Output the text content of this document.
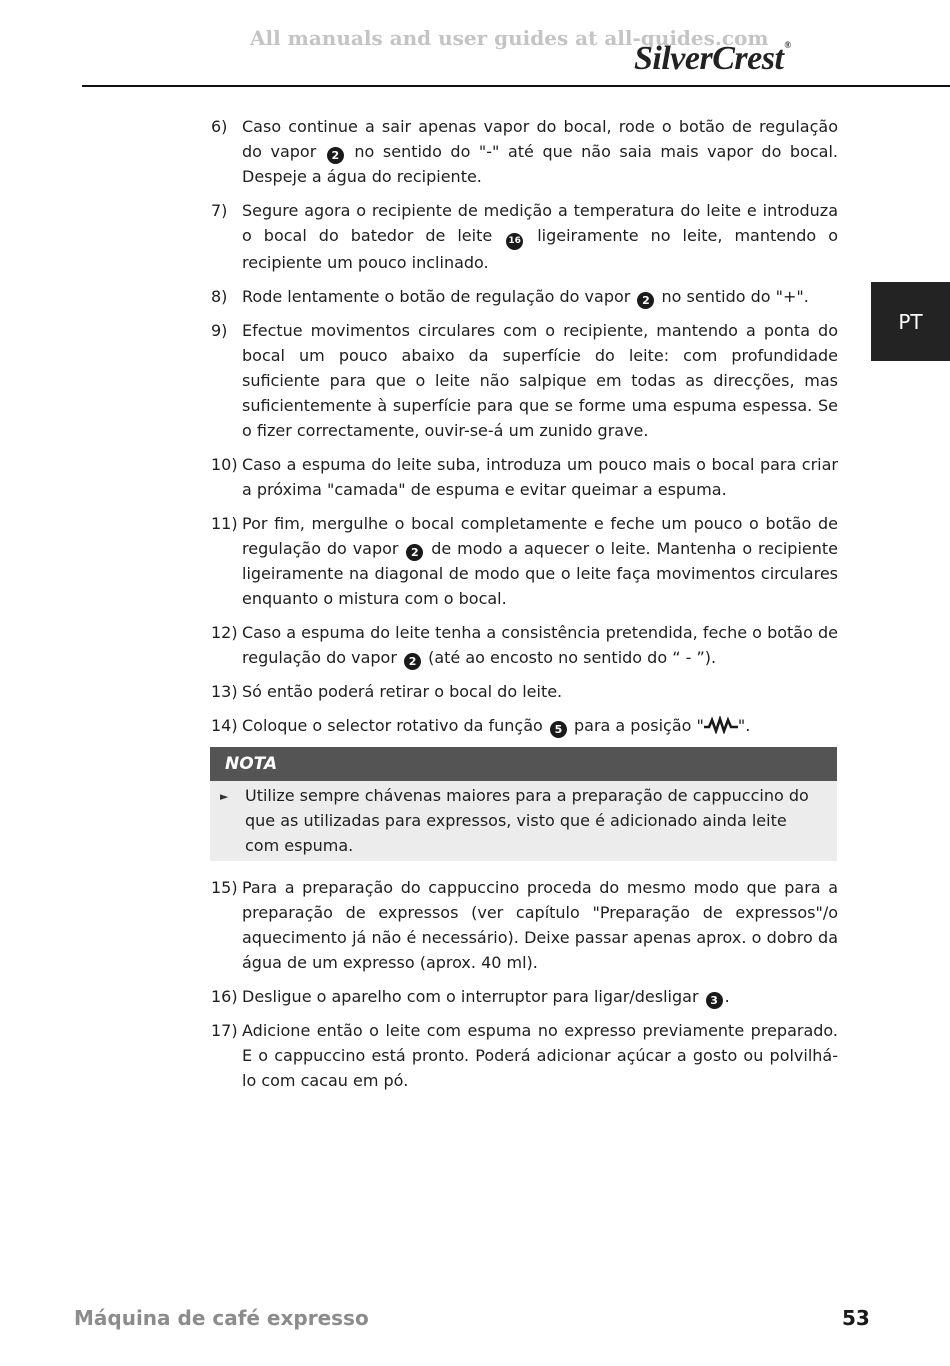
All manuals and user guides at all-guides.com
SilverCrest®
PT
6) Caso continue a sair apenas vapor do bocal, rode o botão de regulação do vapor 2 no sentido do "-" até que não saia mais vapor do bocal. Despeje a água do recipiente.
7) Segure agora o recipiente de medição a temperatura do leite e introduza o bocal do batedor de leite 16 ligeiramente no leite, mantendo o recipiente um pouco inclinado.
8) Rode lentamente o botão de regulação do vapor 2 no sentido do "+".
9) Efectue movimentos circulares com o recipiente, mantendo a ponta do bocal um pouco abaixo da superfície do leite: com profundidade suficiente para que o leite não salpique em todas as direcções, mas suficientemente à superfície para que se forme uma espuma espessa. Se o fizer correctamente, ouvir-se-á um zunido grave.
10) Caso a espuma do leite suba, introduza um pouco mais o bocal para criar a próxima "camada" de espuma e evitar queimar a espuma.
11) Por fim, mergulhe o bocal completamente e feche um pouco o botão de regulação do vapor 2 de modo a aquecer o leite. Mantenha o recipiente ligeiramente na diagonal de modo que o leite faça movimentos circulares enquanto o mistura com o bocal.
12) Caso a espuma do leite tenha a consistência pretendida, feche o botão de regulação do vapor 2 (até ao encosto no sentido do “ - ”).
13) Só então poderá retirar o bocal do leite.
14) Coloque o selector rotativo da função 5 para a posição " ".
NOTA
►	Utilize sempre chávenas maiores para a preparação de cappuccino do que as utilizadas para expressos, visto que é adicionado ainda leite com espuma.
15) Para a preparação do cappuccino proceda do mesmo modo que para a preparação de expressos (ver capítulo "Preparação de expressos"/o aquecimento já não é necessário). Deixe passar apenas aprox. o dobro da água de um expresso (aprox. 40 ml).
16) Desligue o aparelho com o interruptor para ligar/desligar 3 .
17) Adicione então o leite com espuma no expresso previamente preparado. E o cappuccino está pronto. Poderá adicionar açúcar a gosto ou polvilhá-lo com cacau em pó.
Máquina de café expresso	53
